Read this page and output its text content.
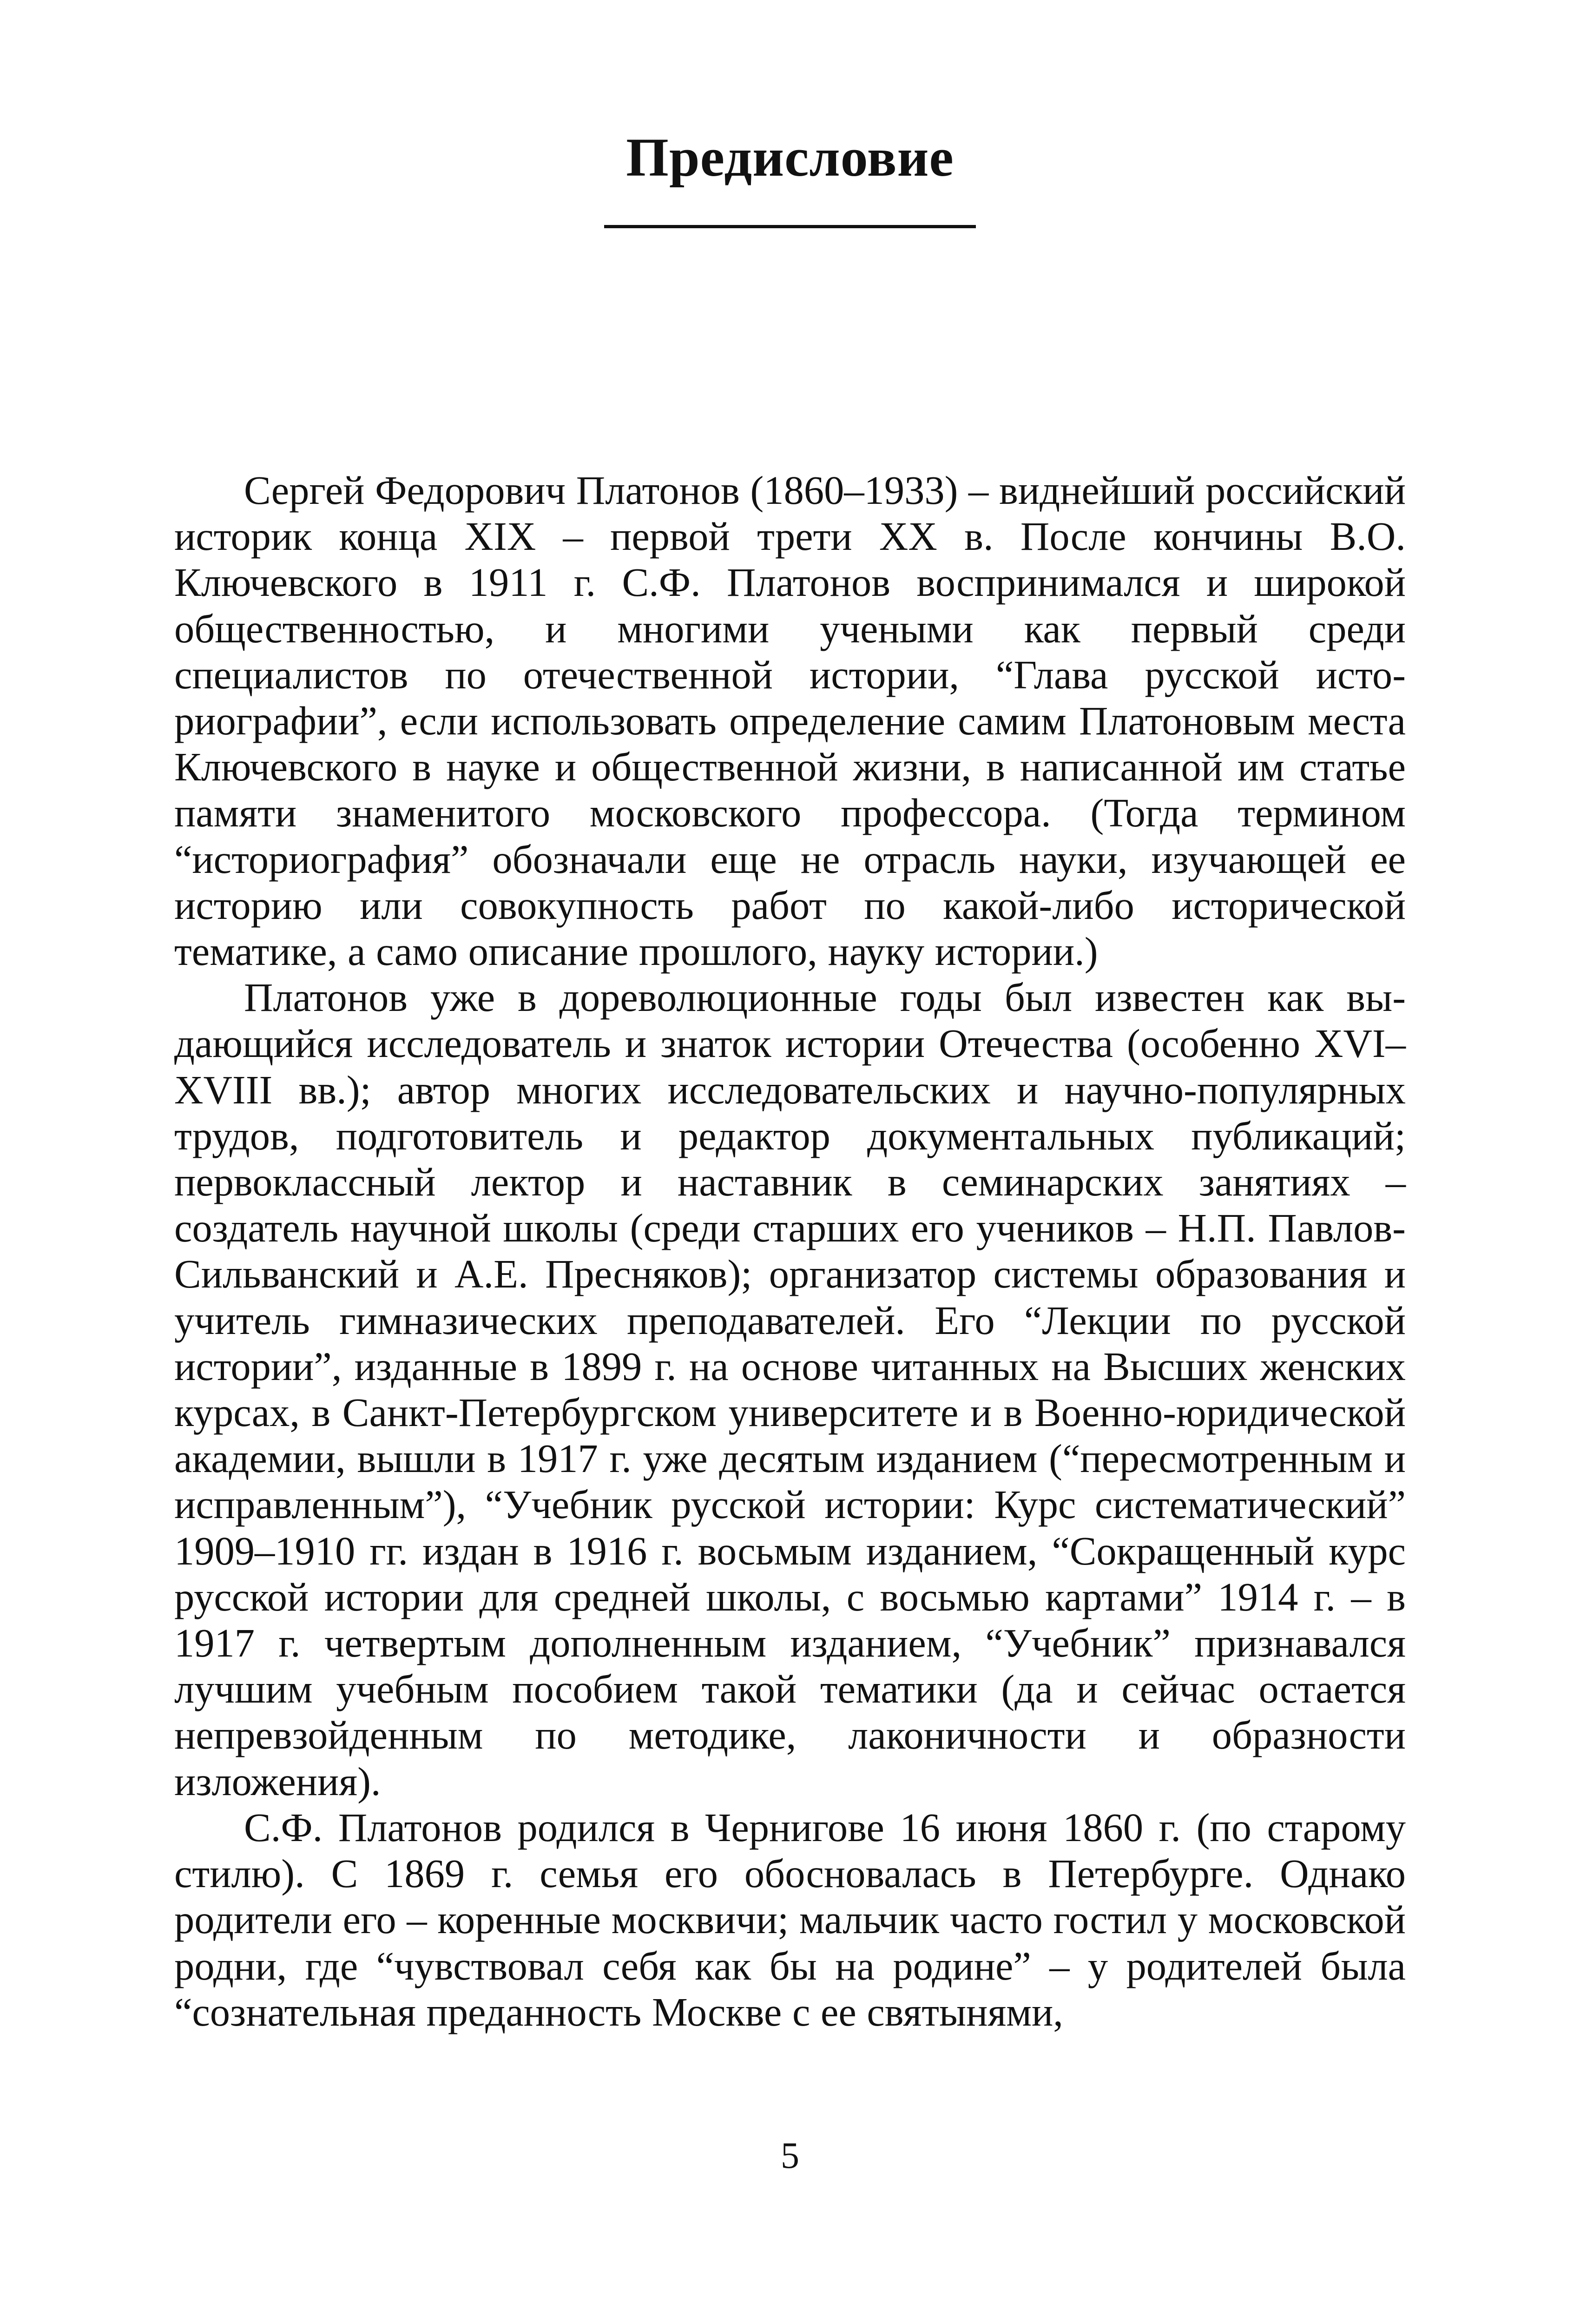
Предисловие

Сергей Федорович Платонов (1860–1933) – виднейший российский историк конца XIX – первой трети XX в. После кончины В.О. Ключевского в 1911 г. С.Ф. Платонов воспринимался и широкой общественностью, и многими учеными как первый среди специалистов по отечественной истории, “Глава русской историографии”, если использовать определение самим Платоновым места Ключевского в науке и общественной жизни, в написанной им статье памяти знаменитого московского профессора. (Тогда термином “историография” обозначали еще не отрасль науки, изучающей ее историю или совокупность работ по какой-либо исторической тематике, а само описание прошлого, науку истории.)

Платонов уже в дореволюционные годы был известен как выдающийся исследователь и знаток истории Отечества (особенно XVI–XVIII вв.); автор многих исследовательских и научно-популярных трудов, подготовитель и редактор документальных публикаций; первоклассный лектор и наставник в семинарских занятиях – создатель научной школы (среди старших его учеников – Н.П. Павлов-Сильванский и А.Е. Пресняков); организатор системы образования и учитель гимназических преподавателей. Его “Лекции по русской истории”, изданные в 1899 г. на основе читанных на Высших женских курсах, в Санкт-Петербургском университете и в Военно-юридической академии, вышли в 1917 г. уже десятым изданием (“пересмотренным и исправленным”), “Учебник русской истории: Курс систематический” 1909–1910 гг. издан в 1916 г. восьмым изданием, “Сокращенный курс русской истории для средней школы, с восьмью картами” 1914 г. – в 1917 г. четвертым дополненным изданием, “Учебник” признавался лучшим учебным пособием такой тематики (да и сейчас остается непревзойденным по методике, лаконичности и образности изложения).

С.Ф. Платонов родился в Чернигове 16 июня 1860 г. (по старому стилю). С 1869 г. семья его обосновалась в Петербурге. Однако родители его – коренные москвичи; мальчик часто гостил у московской родни, где “чувствовал себя как бы на родине” – у родителей была “сознательная преданность Москве с ее святынями,

5
